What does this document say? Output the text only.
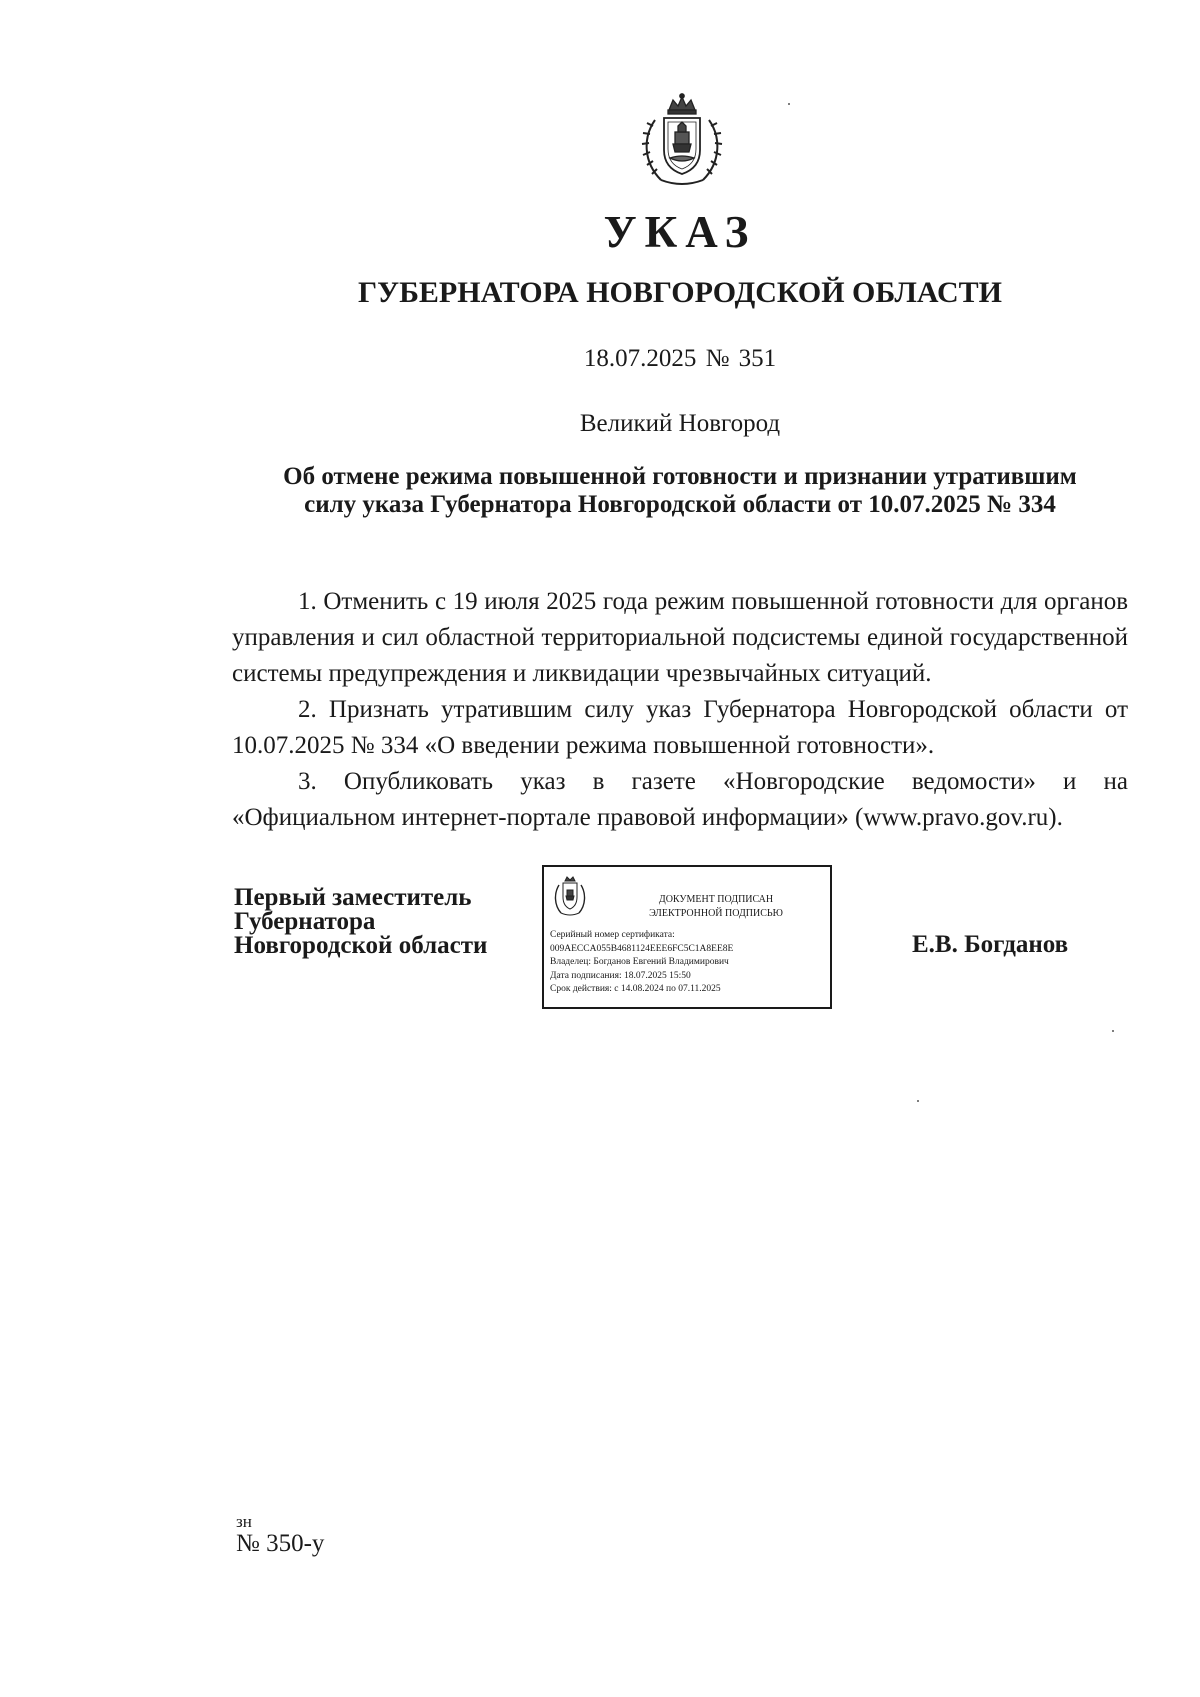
УКАЗ
ГУБЕРНАТОРА НОВГОРОДСКОЙ ОБЛАСТИ
18.07.2025 № 351
Великий Новгород
Об отмене режима повышенной готовности и признании утратившим
силу указа Губернатора Новгородской области от 10.07.2025 № 334

1. Отменить с 19 июля 2025 года режим повышенной готовности для органов управления и сил областной территориальной подсистемы единой государственной системы предупреждения и ликвидации чрезвычайных ситуаций.

2. Признать утратившим силу указ Губернатора Новгородской области от 10.07.2025 № 334 «О введении режима повышенной готовности».

3. Опубликовать указ в газете «Новгородские ведомости» и на «Официальном интернет-портале правовой информации» (www.pravo.gov.ru).

Первый заместитель
Губернатора
Новгородской области
ДОКУМЕНТ ПОДПИСАН
ЭЛЕКТРОННОЙ ПОДПИСЬЮ
Серийный номер сертификата:
009AECCA055B4681124EEE6FC5C1A8EE8E
Владелец: Богданов Евгений Владимирович
Дата подписания: 18.07.2025 15:50
Срок действия: с 14.08.2024 по 07.11.2025
Е.В. Богданов
зн
№ 350-у
